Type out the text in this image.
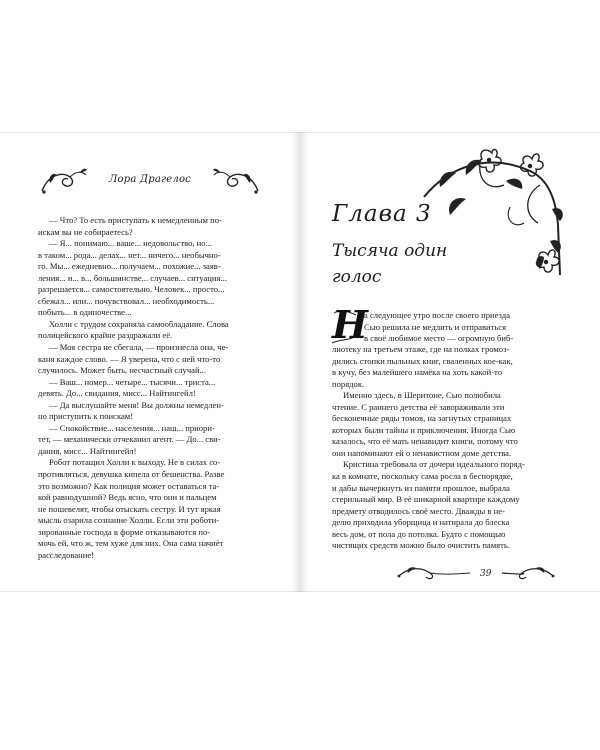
Лора Драгелос

— Что? То есть приступать к немедленным по-

искам вы не собираетесь?

— Я... понимаю... ваше... недовольство, но...

в таком... рода... делах... нет... ничего... необычно-

го. Мы... ежедневно... получаем... похожие... заяв-

ления... и... в... большинстве... случаев... ситуация...

разрешается... самостоятельно. Человек... просто...

сбежал... или... почувствовал... необходимость...

побыть... в одиночестве...

Холли с трудом сохраняла самообладание. Слова

полицейского крайне раздражали её.

— Моя сестра не сбегала, — произнесла она, че-

каня каждое слово. — Я уверена, что с ней что-то

случилось. Может быть, несчастный случай...

— Ваш... номер... четыре... тысячи... триста...

девять. До... свидания, мисс... Найтингейл!

— Да выслушайте меня! Вы должны немедлен-

но приступить к поискам!

— Спокойствие... населения... наш... приори-

тет, — механически отчеканил агент. — До... сви-

дания, мисс... Найтингейл!

Робот потащил Холли к выходу. Не в силах со-

противляться, девушка кипела от бешенства. Разве

это возможно? Как полиция может оставаться та-

кой равнодушной? Ведь ясно, что они и пальцем

не пошевелят, чтобы отыскать сестру. И тут яркая

мысль озарила сознание Холли. Если эти роботи-

зированные господа в форме отказываются по-

мочь ей, что ж, тем хуже для них. Она сама начнёт

расследование!

Глава 3
Тысяча один
голос
Н

а следующее утро после своего приезда

Сью решила не медлить и отправиться

в своё любимое место — огромную биб-

лиотеку на третьем этаже, где на полках громоз-

дились стопки пыльных книг, сваленных кое-как,

в кучу, без малейшего намёка на хоть какой-то

порядок.

Именно здесь, в Шеритоне, Сью полюбила

чтение. С раннего детства её завораживали эти

бесконечные ряды томов, на загнутых страницах

которых были тайны и приключения. Иногда Сью

казалось, что её мать ненавидит книги, потому что

они напоминают ей о ненавистном доме детства.

Кристина требовала от дочери идеального поряд-

ка в комнате, поскольку сама росла в беспорядке,

и дабы вычеркнуть из памяти прошлое, выбрала

стерильный мир. В её шикарной квартире каждому

предмету отводилось своё место. Дважды в не-

делю приходила уборщица и натирала до блеска

весь дом, от пола до потолка. Будто с помощью

чистящих средств можно было очистить память.

39
